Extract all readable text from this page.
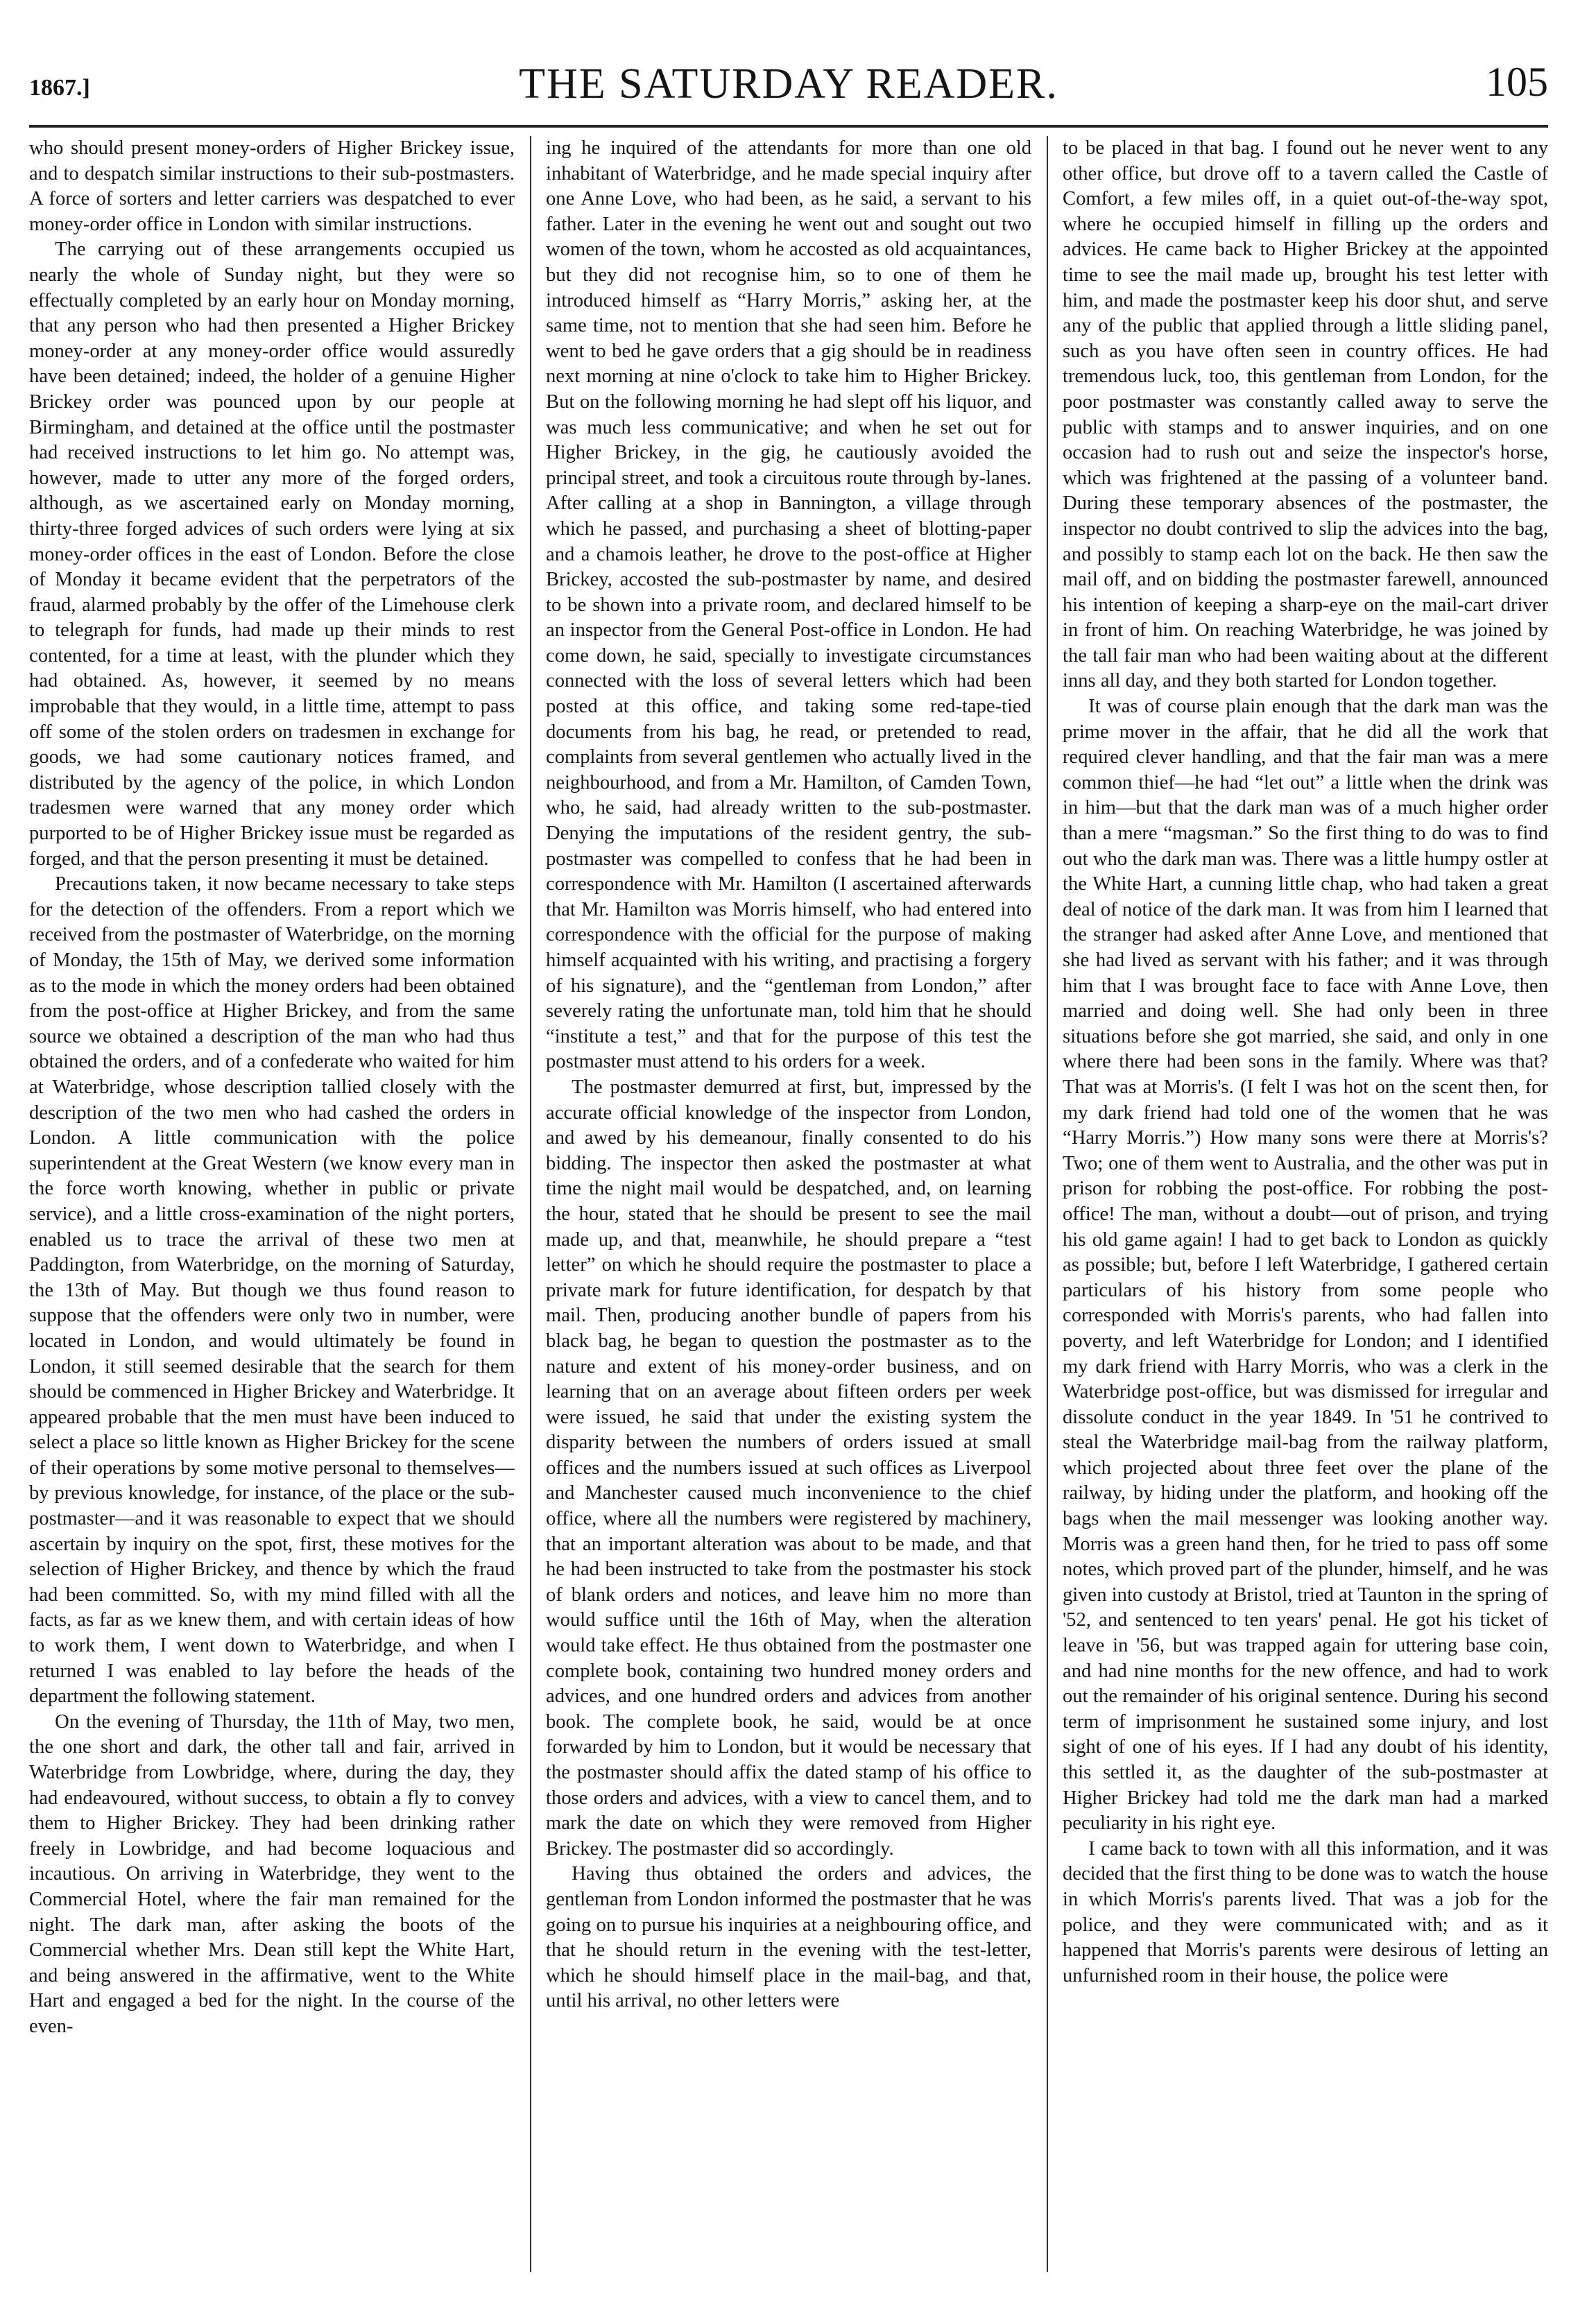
1867.]	THE SATURDAY READER.	105

who should present money-orders of Higher Brickey issue, and to despatch similar instructions to their sub-postmasters. A force of sorters and letter carriers was despatched to ever money-order office in London with similar instructions.

The carrying out of these arrangements occupied us nearly the whole of Sunday night, but they were so effectually completed by an early hour on Monday morning, that any person who had then presented a Higher Brickey money-order at any money-order office would assuredly have been detained; indeed, the holder of a genuine Higher Brickey order was pounced upon by our people at Birmingham, and detained at the office until the postmaster had received instructions to let him go. No attempt was, however, made to utter any more of the forged orders, although, as we ascertained early on Monday morning, thirty-three forged advices of such orders were lying at six money-order offices in the east of London. Before the close of Monday it became evident that the perpetrators of the fraud, alarmed probably by the offer of the Limehouse clerk to telegraph for funds, had made up their minds to rest contented, for a time at least, with the plunder which they had obtained. As, however, it seemed by no means improbable that they would, in a little time, attempt to pass off some of the stolen orders on tradesmen in exchange for goods, we had some cautionary notices framed, and distributed by the agency of the police, in which London tradesmen were warned that any money order which purported to be of Higher Brickey issue must be regarded as forged, and that the person presenting it must be detained.

Precautions taken, it now became necessary to take steps for the detection of the offenders. From a report which we received from the postmaster of Waterbridge, on the morning of Monday, the 15th of May, we derived some information as to the mode in which the money orders had been obtained from the post-office at Higher Brickey, and from the same source we obtained a description of the man who had thus obtained the orders, and of a confederate who waited for him at Waterbridge, whose description tallied closely with the description of the two men who had cashed the orders in London. A little communication with the police superintendent at the Great Western (we know every man in the force worth knowing, whether in public or private service), and a little cross-examination of the night porters, enabled us to trace the arrival of these two men at Paddington, from Waterbridge, on the morning of Saturday, the 13th of May. But though we thus found reason to suppose that the offenders were only two in number, were located in London, and would ultimately be found in London, it still seemed desirable that the search for them should be commenced in Higher Brickey and Waterbridge. It appeared probable that the men must have been induced to select a place so little known as Higher Brickey for the scene of their operations by some motive personal to themselves—by previous knowledge, for instance, of the place or the sub-postmaster—and it was reasonable to expect that we should ascertain by inquiry on the spot, first, these motives for the selection of Higher Brickey, and thence by which the fraud had been committed. So, with my mind filled with all the facts, as far as we knew them, and with certain ideas of how to work them, I went down to Waterbridge, and when I returned I was enabled to lay before the heads of the department the following statement.

On the evening of Thursday, the 11th of May, two men, the one short and dark, the other tall and fair, arrived in Waterbridge from Lowbridge, where, during the day, they had endeavoured, without success, to obtain a fly to convey them to Higher Brickey. They had been drinking rather freely in Lowbridge, and had become loquacious and incautious. On arriving in Waterbridge, they went to the Commercial Hotel, where the fair man remained for the night. The dark man, after asking the boots of the Commercial whether Mrs. Dean still kept the White Hart, and being answered in the affirmative, went to the White Hart and engaged a bed for the night. In the course of the even-

ing he inquired of the attendants for more than one old inhabitant of Waterbridge, and he made special inquiry after one Anne Love, who had been, as he said, a servant to his father. Later in the evening he went out and sought out two women of the town, whom he accosted as old acquaintances, but they did not recognise him, so to one of them he introduced himself as “Harry Morris,” asking her, at the same time, not to mention that she had seen him. Before he went to bed he gave orders that a gig should be in readiness next morning at nine o'clock to take him to Higher Brickey. But on the following morning he had slept off his liquor, and was much less communicative; and when he set out for Higher Brickey, in the gig, he cautiously avoided the principal street, and took a circuitous route through by-lanes. After calling at a shop in Bannington, a village through which he passed, and purchasing a sheet of blotting-paper and a chamois leather, he drove to the post-office at Higher Brickey, accosted the sub-postmaster by name, and desired to be shown into a private room, and declared himself to be an inspector from the General Post-office in London. He had come down, he said, specially to investigate circumstances connected with the loss of several letters which had been posted at this office, and taking some red-tape-tied documents from his bag, he read, or pretended to read, complaints from several gentlemen who actually lived in the neighbourhood, and from a Mr. Hamilton, of Camden Town, who, he said, had already written to the sub-postmaster. Denying the imputations of the resident gentry, the sub-postmaster was compelled to confess that he had been in correspondence with Mr. Hamilton (I ascertained afterwards that Mr. Hamilton was Morris himself, who had entered into correspondence with the official for the purpose of making himself acquainted with his writing, and practising a forgery of his signature), and the “gentleman from London,” after severely rating the unfortunate man, told him that he should “institute a test,” and that for the purpose of this test the postmaster must attend to his orders for a week.

The postmaster demurred at first, but, impressed by the accurate official knowledge of the inspector from London, and awed by his demeanour, finally consented to do his bidding. The inspector then asked the postmaster at what time the night mail would be despatched, and, on learning the hour, stated that he should be present to see the mail made up, and that, meanwhile, he should prepare a “test letter” on which he should require the postmaster to place a private mark for future identification, for despatch by that mail. Then, producing another bundle of papers from his black bag, he began to question the postmaster as to the nature and extent of his money-order business, and on learning that on an average about fifteen orders per week were issued, he said that under the existing system the disparity between the numbers of orders issued at small offices and the numbers issued at such offices as Liverpool and Manchester caused much inconvenience to the chief office, where all the numbers were registered by machinery, that an important alteration was about to be made, and that he had been instructed to take from the postmaster his stock of blank orders and notices, and leave him no more than would suffice until the 16th of May, when the alteration would take effect. He thus obtained from the postmaster one complete book, containing two hundred money orders and advices, and one hundred orders and advices from another book. The complete book, he said, would be at once forwarded by him to London, but it would be necessary that the postmaster should affix the dated stamp of his office to those orders and advices, with a view to cancel them, and to mark the date on which they were removed from Higher Brickey. The postmaster did so accordingly.

Having thus obtained the orders and advices, the gentleman from London informed the postmaster that he was going on to pursue his inquiries at a neighbouring office, and that he should return in the evening with the test-letter, which he should himself place in the mail-bag, and that, until his arrival, no other letters were

to be placed in that bag. I found out he never went to any other office, but drove off to a tavern called the Castle of Comfort, a few miles off, in a quiet out-of-the-way spot, where he occupied himself in filling up the orders and advices. He came back to Higher Brickey at the appointed time to see the mail made up, brought his test letter with him, and made the postmaster keep his door shut, and serve any of the public that applied through a little sliding panel, such as you have often seen in country offices. He had tremendous luck, too, this gentleman from London, for the poor postmaster was constantly called away to serve the public with stamps and to answer inquiries, and on one occasion had to rush out and seize the inspector's horse, which was frightened at the passing of a volunteer band. During these temporary absences of the postmaster, the inspector no doubt contrived to slip the advices into the bag, and possibly to stamp each lot on the back. He then saw the mail off, and on bidding the postmaster farewell, announced his intention of keeping a sharp-eye on the mail-cart driver in front of him. On reaching Waterbridge, he was joined by the tall fair man who had been waiting about at the different inns all day, and they both started for London together.

It was of course plain enough that the dark man was the prime mover in the affair, that he did all the work that required clever handling, and that the fair man was a mere common thief—he had “let out” a little when the drink was in him—but that the dark man was of a much higher order than a mere “magsman.” So the first thing to do was to find out who the dark man was. There was a little humpy ostler at the White Hart, a cunning little chap, who had taken a great deal of notice of the dark man. It was from him I learned that the stranger had asked after Anne Love, and mentioned that she had lived as servant with his father; and it was through him that I was brought face to face with Anne Love, then married and doing well. She had only been in three situations before she got married, she said, and only in one where there had been sons in the family. Where was that? That was at Morris's. (I felt I was hot on the scent then, for my dark friend had told one of the women that he was “Harry Morris.”) How many sons were there at Morris's? Two; one of them went to Australia, and the other was put in prison for robbing the post-office. For robbing the post-office! The man, without a doubt—out of prison, and trying his old game again! I had to get back to London as quickly as possible; but, before I left Waterbridge, I gathered certain particulars of his history from some people who corresponded with Morris's parents, who had fallen into poverty, and left Waterbridge for London; and I identified my dark friend with Harry Morris, who was a clerk in the Waterbridge post-office, but was dismissed for irregular and dissolute conduct in the year 1849. In '51 he contrived to steal the Waterbridge mail-bag from the railway platform, which projected about three feet over the plane of the railway, by hiding under the platform, and hooking off the bags when the mail messenger was looking another way. Morris was a green hand then, for he tried to pass off some notes, which proved part of the plunder, himself, and he was given into custody at Bristol, tried at Taunton in the spring of '52, and sentenced to ten years' penal. He got his ticket of leave in '56, but was trapped again for uttering base coin, and had nine months for the new offence, and had to work out the remainder of his original sentence. During his second term of imprisonment he sustained some injury, and lost sight of one of his eyes. If I had any doubt of his identity, this settled it, as the daughter of the sub-postmaster at Higher Brickey had told me the dark man had a marked peculiarity in his right eye.

I came back to town with all this information, and it was decided that the first thing to be done was to watch the house in which Morris's parents lived. That was a job for the police, and they were communicated with; and as it happened that Morris's parents were desirous of letting an unfurnished room in their house, the police were
